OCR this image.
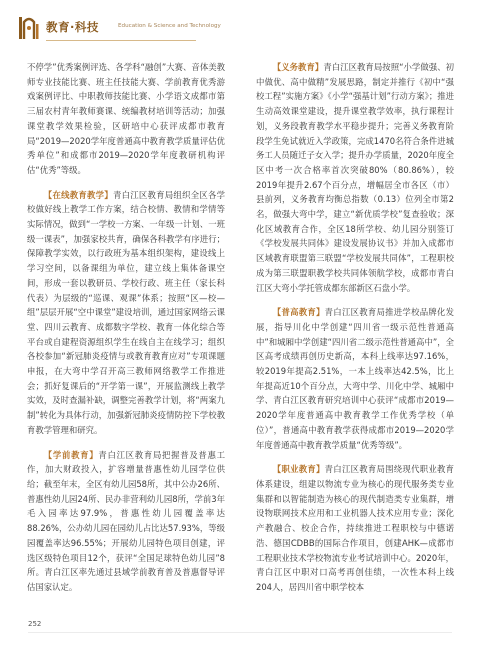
教育·科技	Education & Science and Technology

不停学”优秀案例评选、各学科“融创”大赛、音体美教师专业技能比赛、班主任技能大赛、学前教育优秀游戏案例评比、中职教师技能比赛、小学语文成都市第三届农村青年教师赛课、统编教材培训等活动；加强课堂教学效果检验，区研培中心获评成都市教育局“2019—2020学年度普通高中教育教学质量评估优秀单位”和成都市2019—2020学年度教研机构评估“优秀”等级。

【在线教育教学】青白江区教育局组织全区各学校做好线上教学工作方案，结合校情、教情和学情等实际情况，做到“一学校一方案、一年级一计划、一班级一课表”，加强家校共育，确保各科教学有序进行；保障教学实效，以行政班为基本组织架构，建设线上学习空间，以备课组为单位，建立线上集体备课空间，形成一套以教研员、学校行政、班主任（家长科代表）为层级的“巡课、观课”体系；按照“区—校—组”层层开展“空中课堂”建设培训，通过国家网络云课堂、四川云教育、成都数字学校、教育一体化综合等平台或自建程资源组织学生在线自主在线学习；组织各校参加“新冠肺炎疫情与或教育教育应对”专项课题申报，在大弯中学召开高三教师网络教学工作推进会；抓好复课后的“开学第一课”，开展监测线上教学实效，及时查漏补缺，调整完善教学计划，将“两案九制”转化为具体行动，加强新冠肺炎疫情防控下学校教育教学管理和研究。

【学前教育】青白江区教育局把握普及普惠工作，加大财政投入，扩容增量普惠性幼儿园学位供给；截至年末，全区有幼儿园58所，其中公办26所、普惠性幼儿园24所、民办非营利幼儿园8所，学前3年毛入园率达97.9%，普惠性幼儿园覆盖率达88.26%，公办幼儿园在园幼儿占比达57.93%，等级园覆盖率达96.55%；开展幼儿园特色项目创建，评选区级特色项目12个，获评“全国足球特色幼儿园”8所。青白江区率先通过县域学前教育普及普惠督导评估国家认定。

【义务教育】青白江区教育局按照“小学做强、初中做优、高中做精”发展思路，制定并推行《初中“强校工程”实施方案》《小学“强基计划”行动方案》；推进生动高效课堂建设，提升课堂教学效率，执行课程计划，义务段教育教学水平稳步提升；完善义务教育阶段学生免试就近入学政策，完成1470名符合条件进城务工人员随迁子女入学；提升办学质量，2020年度全区中考一次合格率首次突破80%（80.86%），较2019年提升2.67个百分点，增幅居全市各区（市）县前列，义务教育均衡总指数（0.13）位列全市第2名，做强大弯中学，建立“新优质学校”复查验收；深化区域教育合作，全区18所学校、幼儿园分别签订《学校发展共同体》建设发展协议书》并加入成都市区域教育联盟第三联盟“学校发展共同体”，工程职校成为第三联盟职教学校共同体领航学校，成都市青白江区大弯小学托管成都东部新区石盘小学。

【普高教育】青白江区教育局推进学校品牌化发展，指导川化中学创建“四川省一级示范性普通高中”和城厢中学创建“四川省二级示范性普通高中”，全区高考成绩再创历史新高，本科上线率达97.16%，较2019年提高2.51%，一本上线率达42.5%，比上年提高近10个百分点，大弯中学、川化中学、城厢中学、青白江区教育研究培训中心获评“成都市2019—2020学年度普通高中教育教学工作优秀学校（单位）”，普通高中教育教学获得成都市2019—2020学年度普通高中教育教学质量“优秀等级”。

【职业教育】青白江区教育局围绕现代职业教育体系建设，组建以物流专业为核心的现代服务类专业集群和以智能制造为核心的现代制造类专业集群，增设物联网技术应用和工业机器人技术应用专业；深化产教融合、校企合作，持续推进工程职校与中德诺浩、德国CDBB的国际合作项目，创建AHK—成都市工程职业技术学校物流专业考试培训中心。2020年，青白江区中职对口高考再创佳绩，一次性本科上线204人，居四川省中职学校本

252
